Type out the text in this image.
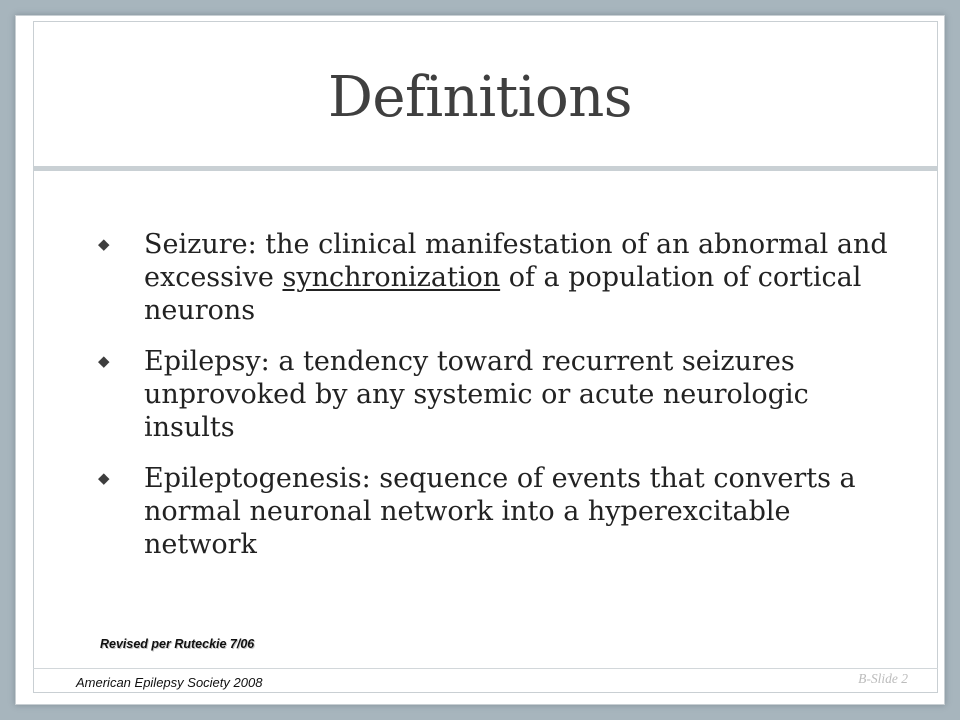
Definitions
◆ Seizure: the clinical manifestation of an abnormal and excessive synchronization of a population of cortical neurons
◆ Epilepsy: a tendency toward recurrent seizures unprovoked by any systemic or acute neurologic insults
◆ Epileptogenesis: sequence of events that converts a normal neuronal network into a hyperexcitable network
Revised per Ruteckie 7/06
American Epilepsy Society 2008	B-Slide 2
